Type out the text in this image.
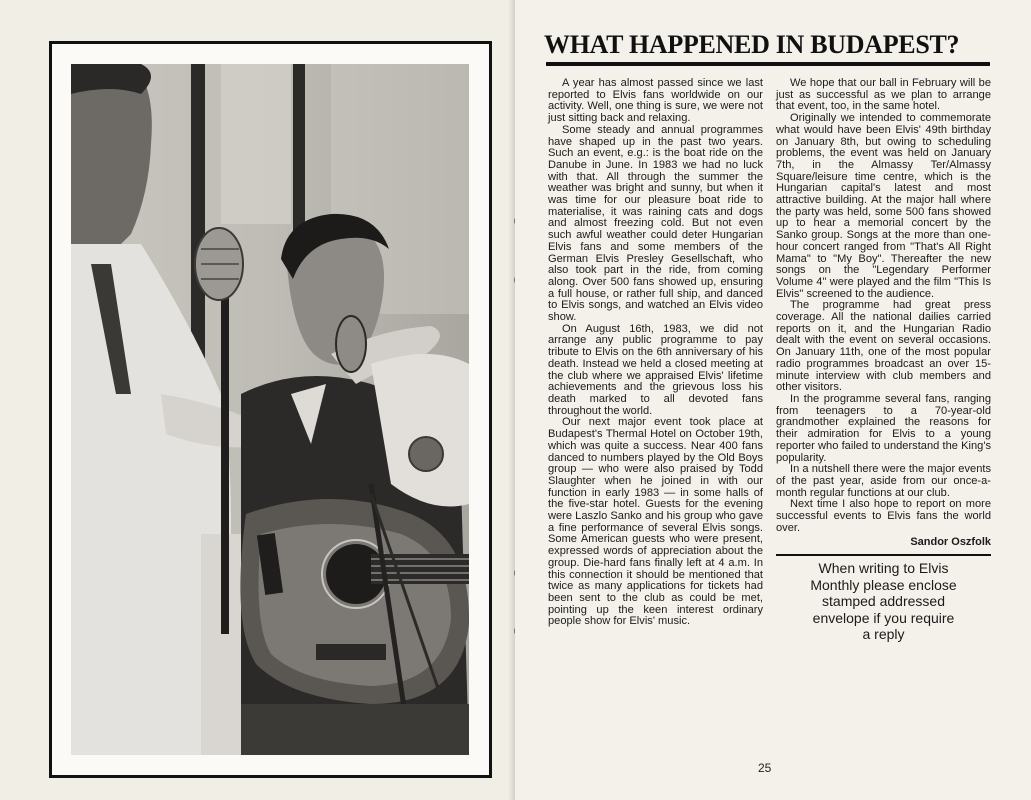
WHAT HAPPENED IN BUDAPEST?

A year has almost passed since we last reported to Elvis fans worldwide on our activity. Well, one thing is sure, we were not just sitting back and relaxing.

Some steady and annual programmes have shaped up in the past two years. Such an event, e.g.: is the boat ride on the Danube in June. In 1983 we had no luck with that. All through the summer the weather was bright and sunny, but when it was time for our pleasure boat ride to materialise, it was raining cats and dogs and almost freezing cold. But not even such awful weather could deter Hungarian Elvis fans and some members of the German Elvis Presley Gesellschaft, who also took part in the ride, from coming along. Over 500 fans showed up, ensuring a full house, or rather full ship, and danced to Elvis songs, and watched an Elvis video show.

On August 16th, 1983, we did not arrange any public programme to pay tribute to Elvis on the 6th anniversary of his death. Instead we held a closed meeting at the club where we appraised Elvis' lifetime achievements and the grievous loss his death marked to all devoted fans throughout the world.

Our next major event took place at Budapest's Thermal Hotel on October 19th, which was quite a success. Near 400 fans danced to numbers played by the Old Boys group — who were also praised by Todd Slaughter when he joined in with our function in early 1983 — in some halls of the five-star hotel. Guests for the evening were Laszlo Sanko and his group who gave a fine performance of several Elvis songs. Some American guests who were present, expressed words of appreciation about the group. Die-hard fans finally left at 4 a.m. In this connection it should be mentioned that twice as many applications for tickets had been sent to the club as could be met, pointing up the keen interest ordinary people show for Elvis' music.

We hope that our ball in February will be just as successful as we plan to arrange that event, too, in the same hotel.

Originally we intended to commemorate what would have been Elvis' 49th birthday on January 8th, but owing to scheduling problems, the event was held on January 7th, in the Almassy Ter/Almassy Square/leisure time centre, which is the Hungarian capital's latest and most attractive building. At the major hall where the party was held, some 500 fans showed up to hear a memorial concert by the Sanko group. Songs at the more than one-hour concert ranged from "That's All Right Mama" to "My Boy". Thereafter the new songs on the "Legendary Performer Volume 4" were played and the film "This Is Elvis" screened to the audience.

The programme had great press coverage. All the national dailies carried reports on it, and the Hungarian Radio dealt with the event on several occasions. On January 11th, one of the most popular radio programmes broadcast an over 15-minute interview with club members and other visitors.

In the programme several fans, ranging from teenagers to a 70-year-old grandmother explained the reasons for their admiration for Elvis to a young reporter who failed to understand the King's popularity.

In a nutshell there were the major events of the past year, aside from our once-a-month regular functions at our club.

Next time I also hope to report on more successful events to Elvis fans the world over.

Sandor Oszfolk
When writing to Elvis
Monthly please enclose
stamped addressed
envelope if you require
a reply
25
